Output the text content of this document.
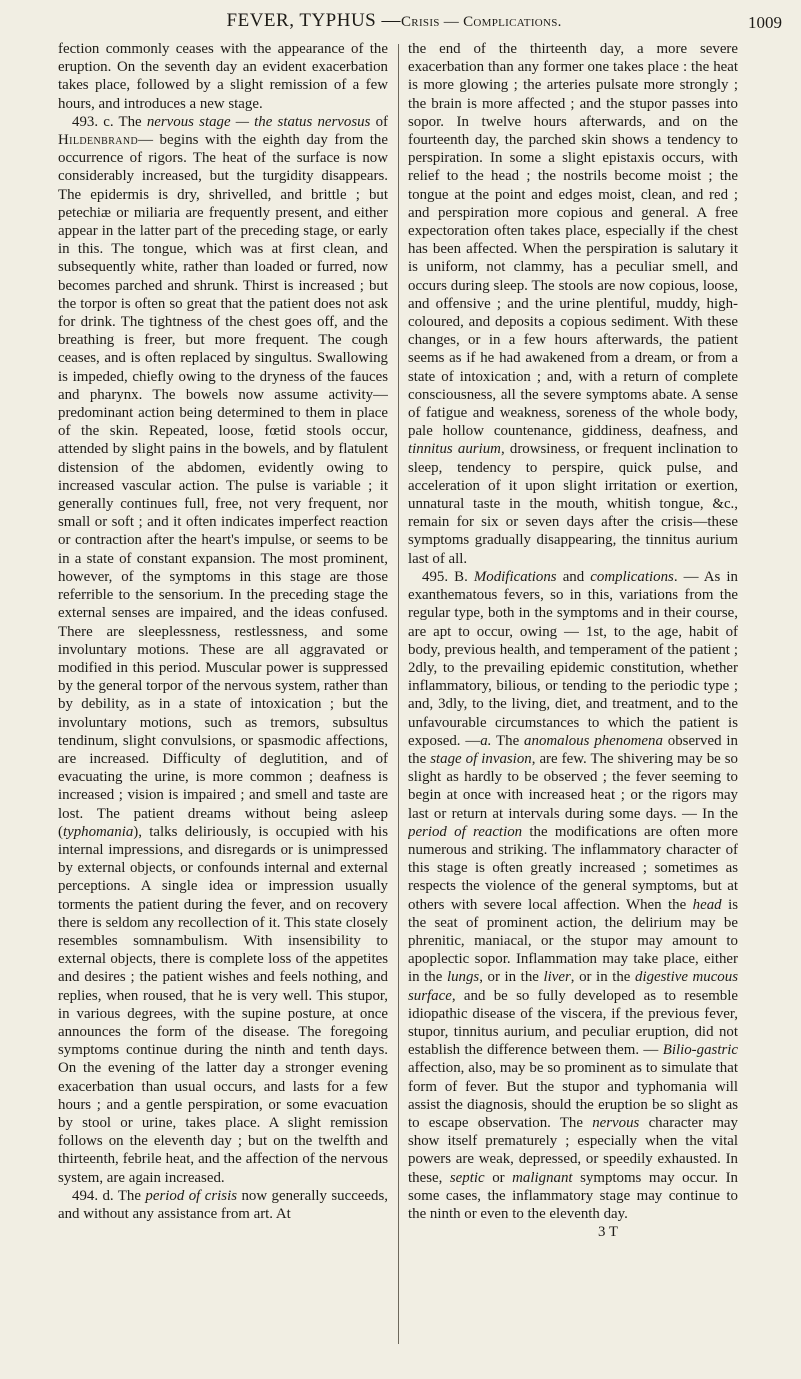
FEVER, TYPHUS — Crisis — Complications.	1009

fection commonly ceases with the appearance of the eruption. On the seventh day an evident exacerbation takes place, followed by a slight remission of a few hours, and introduces a new stage.

493. c. The nervous stage — the status nervosus of Hildenbrand— begins with the eighth day from the occurrence of rigors. The heat of the surface is now considerably increased, but the turgidity disappears. The epidermis is dry, shrivelled, and brittle ; but petechiæ or miliaria are frequently present, and either appear in the latter part of the preceding stage, or early in this. The tongue, which was at first clean, and subsequently white, rather than loaded or furred, now becomes parched and shrunk. Thirst is increased ; but the torpor is often so great that the patient does not ask for drink. The tightness of the chest goes off, and the breathing is freer, but more frequent. The cough ceases, and is often replaced by singultus. Swallowing is impeded, chiefly owing to the dryness of the fauces and pharynx. The bowels now assume activity—predominant action being determined to them in place of the skin. Repeated, loose, fœtid stools occur, attended by slight pains in the bowels, and by flatulent distension of the abdomen, evidently owing to increased vascular action. The pulse is variable ; it generally continues full, free, not very frequent, nor small or soft ; and it often indicates imperfect reaction or contraction after the heart's impulse, or seems to be in a state of constant expansion. The most prominent, however, of the symptoms in this stage are those referrible to the sensorium. In the preceding stage the external senses are impaired, and the ideas confused. There are sleeplessness, restlessness, and some involuntary motions. These are all aggravated or modified in this period. Muscular power is suppressed by the general torpor of the nervous system, rather than by debility, as in a state of intoxication ; but the involuntary motions, such as tremors, subsultus tendinum, slight convulsions, or spasmodic affections, are increased. Difficulty of deglutition, and of evacuating the urine, is more common ; deafness is increased ; vision is impaired ; and smell and taste are lost. The patient dreams without being asleep (typhomania), talks deliriously, is occupied with his internal impressions, and disregards or is unimpressed by external objects, or confounds internal and external perceptions. A single idea or impression usually torments the patient during the fever, and on recovery there is seldom any recollection of it. This state closely resembles somnambulism. With insensibility to external objects, there is complete loss of the appetites and desires ; the patient wishes and feels nothing, and replies, when roused, that he is very well. This stupor, in various degrees, with the supine posture, at once announces the form of the disease. The foregoing symptoms continue during the ninth and tenth days. On the evening of the latter day a stronger evening exacerbation than usual occurs, and lasts for a few hours ; and a gentle perspiration, or some evacuation by stool or urine, takes place. A slight remission follows on the eleventh day ; but on the twelfth and thirteenth, febrile heat, and the affection of the nervous system, are again increased.

494. d. The period of crisis now generally succeeds, and without any assistance from art. At

the end of the thirteenth day, a more severe exacerbation than any former one takes place : the heat is more glowing ; the arteries pulsate more strongly ; the brain is more affected ; and the stupor passes into sopor. In twelve hours afterwards, and on the fourteenth day, the parched skin shows a tendency to perspiration. In some a slight epistaxis occurs, with relief to the head ; the nostrils become moist ; the tongue at the point and edges moist, clean, and red ; and perspiration more copious and general. A free expectoration often takes place, especially if the chest has been affected. When the perspiration is salutary it is uniform, not clammy, has a peculiar smell, and occurs during sleep. The stools are now copious, loose, and offensive ; and the urine plentiful, muddy, high-coloured, and deposits a copious sediment. With these changes, or in a few hours afterwards, the patient seems as if he had awakened from a dream, or from a state of intoxication ; and, with a return of complete consciousness, all the severe symptoms abate. A sense of fatigue and weakness, soreness of the whole body, pale hollow countenance, giddiness, deafness, and tinnitus aurium, drowsiness, or frequent inclination to sleep, tendency to perspire, quick pulse, and acceleration of it upon slight irritation or exertion, unnatural taste in the mouth, whitish tongue, &c., remain for six or seven days after the crisis—these symptoms gradually disappearing, the tinnitus aurium last of all.

495. B. Modifications and complications. — As in exanthematous fevers, so in this, variations from the regular type, both in the symptoms and in their course, are apt to occur, owing — 1st, to the age, habit of body, previous health, and temperament of the patient ; 2dly, to the prevailing epidemic constitution, whether inflammatory, bilious, or tending to the periodic type ; and, 3dly, to the living, diet, and treatment, and to the unfavourable circumstances to which the patient is exposed. —a. The anomalous phenomena observed in the stage of invasion, are few. The shivering may be so slight as hardly to be observed ; the fever seeming to begin at once with increased heat ; or the rigors may last or return at intervals during some days. — In the period of reaction the modifications are often more numerous and striking. The inflammatory character of this stage is often greatly increased ; sometimes as respects the violence of the general symptoms, but at others with severe local affection. When the head is the seat of prominent action, the delirium may be phrenitic, maniacal, or the stupor may amount to apoplectic sopor. Inflammation may take place, either in the lungs, or in the liver, or in the digestive mucous surface, and be so fully developed as to resemble idiopathic disease of the viscera, if the previous fever, stupor, tinnitus aurium, and peculiar eruption, did not establish the difference between them. — Bilio-gastric affection, also, may be so prominent as to simulate that form of fever. But the stupor and typhomania will assist the diagnosis, should the eruption be so slight as to escape observation. The nervous character may show itself prematurely ; especially when the vital powers are weak, depressed, or speedily exhausted. In these, septic or malignant symptoms may occur. In some cases, the inflammatory stage may continue to the ninth or even to the eleventh day.

3 T
